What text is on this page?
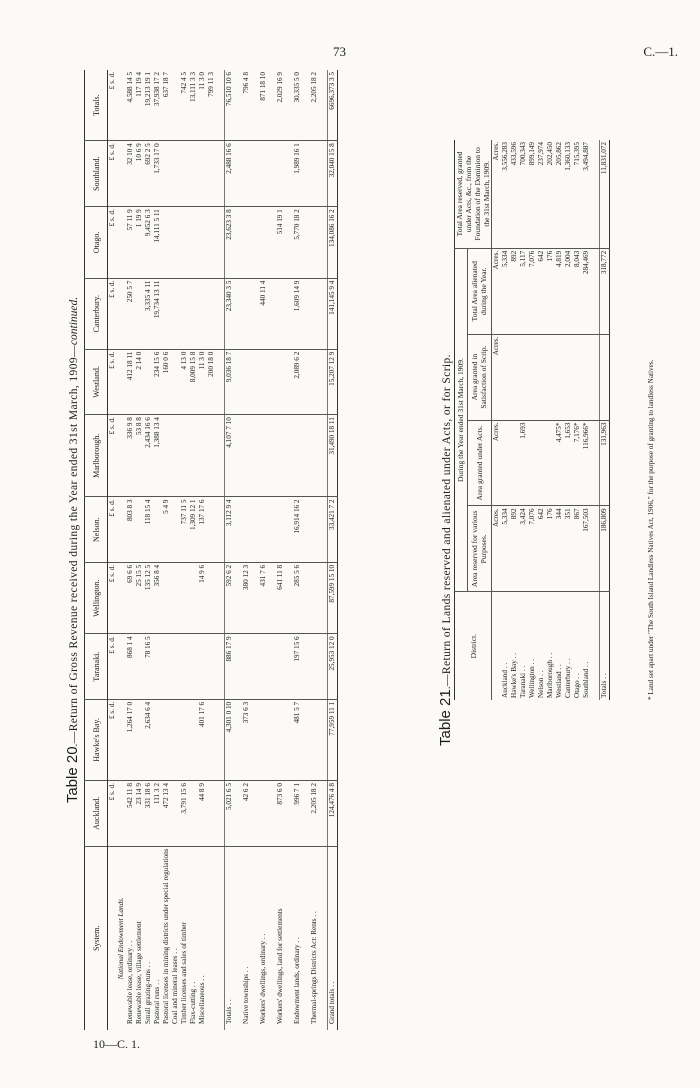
73	C.—1.
10—C. 1.
Table 20.—Return of Gross Revenue received during the Year ended 31st March, 1909—continued.
System.	Auckland.	Hawke's Bay.	Taranaki.	Wellington.	Nelson.	Marlborough.	Westland.	Canterbury.	Otago.	Southland.	Totals.
	£ s. d.	£ s. d.	£ s. d.	£ s. d.	£ s. d.	£ s. d.	£ s. d.	£ s. d.	£ s. d.	£ s. d.	£ s. d.
National Endowment Lands.											
Renewable lease, ordinary . .	542 11 8	1,264 17 0	868 1 4	69 6 6	803 8 3	336 9 8	412 18 11	250 5 7	57 11 9	32 10 4	4,588 14 5
Renewable lease, village settlement	23 14 9			25 15 5		53 8 8	2 14 0		1 19 9	10 6 9	117 19 4
Small grazing-runs . .	331 18 6	2,634 6 4	78 16 5	135 12 5	118 15 4	2,434 16 6		3,335 4 11	9,452 6 3	692 2 5	19,213 19 1
Pastoral runs . .	111 3 2			356 8 4		1,388 13 4	234 15 6	19,734 13 11	14,111 5 11	1,733 17 0	37,938 17 2
Pastoral licenses in mining districts under special regulations	472 13 4				5 4 9		160 0 6				637 18 7
Coal and mineral leases . .											
Timber licenses and sales of timber	3,791 15 6				737 11 5		4 13 0				742 4 5
Flax-cutting . .					1,309 12 1		8,009 15 8				13,111 3 3
Miscellaneous . .	44 8 9	401 17 6		14 9 6	137 17 6		11 3 0				11 3 0
							200 18 0				799 11 3

Totals . .	5,021 6 5	4,301 0 10	886 17 9	592 6 2	3,112 9 4	4,107 7 10	9,036 18 7	23,340 3 5	23,623 3 8	2,488 16 6	76,510 10 6

Native townships . .	42 6 2	373 6 3		380 12 3							796 4 8

Workers' dwellings, ordinary . .				431 7 6				440 11 4			871 18 10

Workers' dwellings, land for settlements	873 6 0			641 11 8					514 19 1		2,029 16 9

Endowment lands, ordinary . .	996 7 1	481 5 7	197 15 6	285 5 6	16,914 16 2		2,089 6 2	1,609 14 9	5,770 18 2	1,989 16 1	30,335 5 0

Thermal-springs Districts Act: Rents . .	2,205 18 2										2,205 18 2

Grand totals . .	124,476 4 8	77,959 11 1	25,953 12 0	87,599 15 10	33,421 7 2	31,490 18 11	15,207 12 9	141,145 9 4	134,086 16 2	32,040 15 8	6696,373 3 5
Table 21.—Return of Lands reserved and alienated under Acts, or for Scrip. District.	During the Year ended 31st March, 1909.				Total Area reserved, granted under Acts, &c., from the Foundation of the Dominion to the 31st March, 1909.
	Area reserved for various Purposes.	Area granted under Acts.	Area granted in Satisfaction of Scrip.	Total Area alienated during the Year.	
	Acres.	Acres.	Acres.	Acres.	Acres.
Auckland . .	5,334			5,334	3,556,283
Hawke's Bay . .	892			892	433,596
Taranaki . .	3,424	1,693		5,117	700,343
Wellington . .	7,076			7,076	899,149
Nelson . .	642			642	237,974
Marlborough . .	176			176	202,450
Westland . .	344	4,475*		4,819	205,862
Canterbury . .	351	1,653		2,004	1,360,133
Otago . .	867	7,176*		8,043	715,395
Southland . .	167,503	116,966*		284,469	3,494,887

Totals . .	186,809	131,963		318,772	11,831,072
* Land set apart under "The South Island Landless Natives Act, 1906," for the purpose of granting to landless Natives.
